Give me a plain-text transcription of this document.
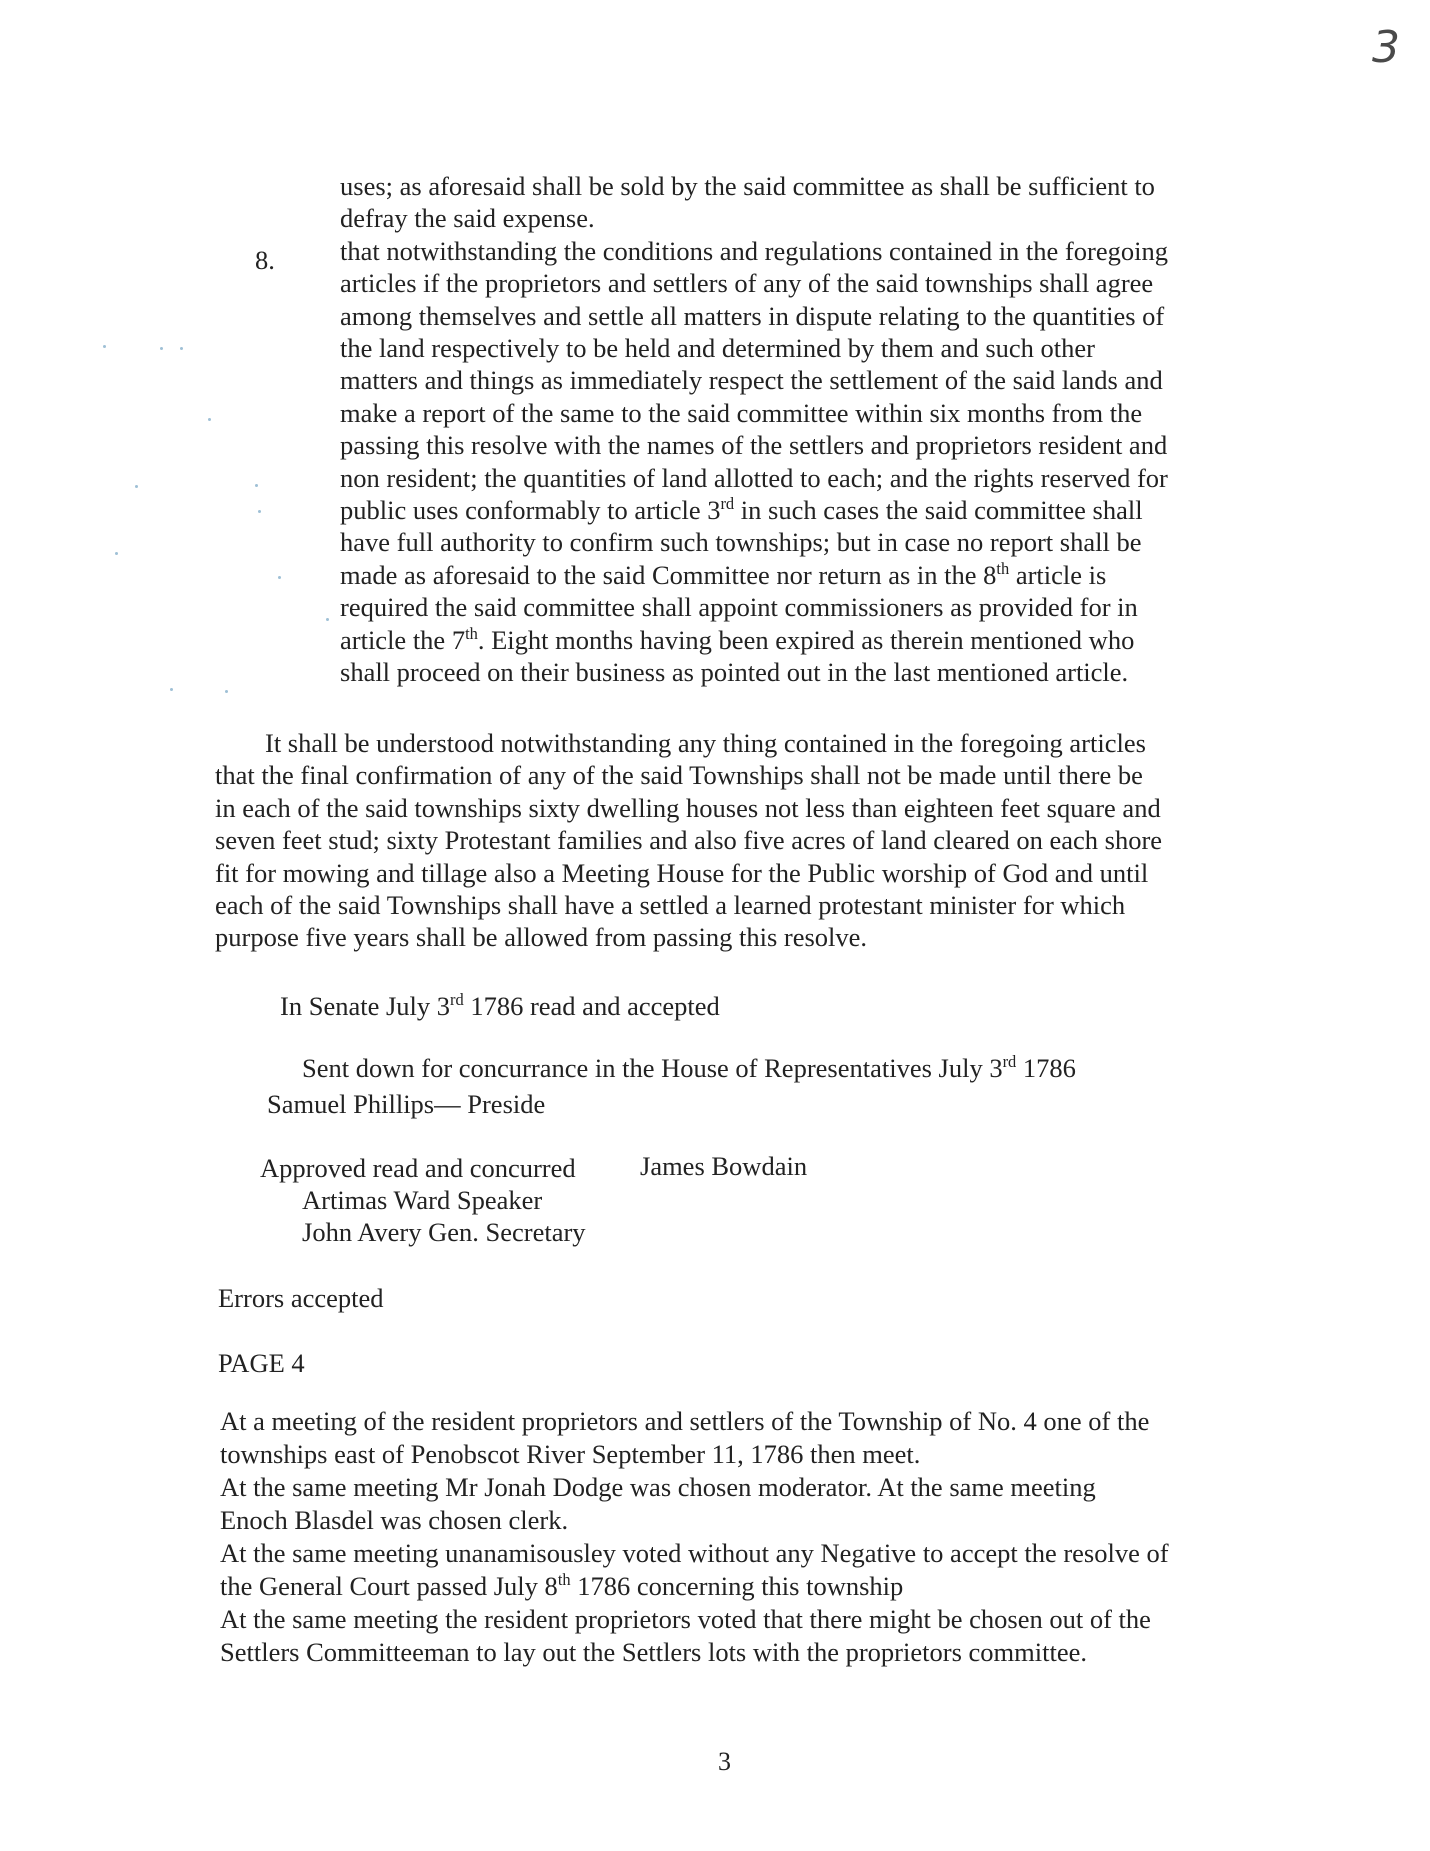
3
uses; as aforesaid shall be sold by the said committee as shall be sufficient to
defray the said expense.
that notwithstanding the conditions and regulations contained in the foregoing
articles if the proprietors and settlers of any of the said townships shall agree
among themselves and settle all matters in dispute relating to the quantities of
the land respectively to be held and determined by them and such other
matters and things as immediately respect the settlement of the said lands and
make a report of the same to the said committee within six months from the
passing this resolve with the names of the settlers and proprietors resident and
non resident; the quantities of land allotted to each; and the rights reserved for
public uses conformably to article 3rd in such cases the said committee shall
have full authority to confirm such townships; but in case no report shall be
made as aforesaid to the said Committee nor return as in the 8th article is
required the said committee shall appoint commissioners as provided for in
article the 7th. Eight months having been expired as therein mentioned who
shall proceed on their business as pointed out in the last mentioned article.
8.
It shall be understood notwithstanding any thing contained in the foregoing articles
that the final confirmation of any of the said Townships shall not be made until there be
in each of the said townships sixty dwelling houses not less than eighteen feet square and
seven feet stud; sixty Protestant families and also five acres of land cleared on each shore
fit for mowing and tillage also a Meeting House for the Public worship of God and until
each of the said Townships shall have a settled a learned protestant minister for which
purpose five years shall be allowed from passing this resolve.
In Senate July 3rd 1786 read and accepted
Sent down for concurrance in the House of Representatives July 3rd 1786
Samuel Phillips— Preside
Approved read and concurred James Bowdain
Artimas Ward Speaker
John Avery Gen. Secretary
Errors accepted
PAGE 4
At a meeting of the resident proprietors and settlers of the Township of No. 4 one of the
townships east of Penobscot River September 11, 1786 then meet.
At the same meeting Mr Jonah Dodge was chosen moderator. At the same meeting
Enoch Blasdel was chosen clerk.
At the same meeting unanamisousley voted without any Negative to accept the resolve of
the General Court passed July 8th 1786 concerning this township
At the same meeting the resident proprietors voted that there might be chosen out of the
Settlers Committeeman to lay out the Settlers lots with the proprietors committee.
3
